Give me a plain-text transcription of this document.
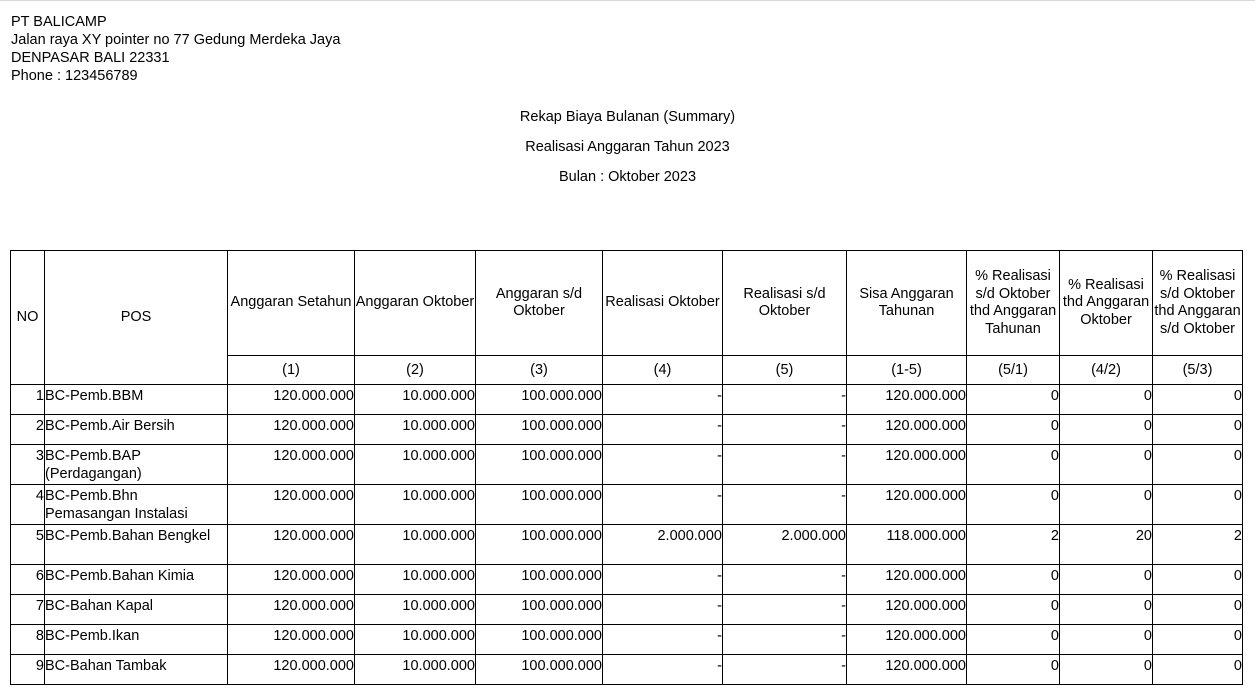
PT BALICAMP
Jalan raya XY pointer no 77 Gedung Merdeka Jaya
DENPASAR BALI 22331
Phone : 123456789
Rekap Biaya Bulanan (Summary)
Realisasi Anggaran Tahun 2023
Bulan : Oktober 2023
NO	POS	Anggaran Setahun	Anggaran Oktober	Anggaran s/d Oktober	Realisasi Oktober	Realisasi s/d Oktober	Sisa Anggaran Tahunan	% Realisasi s/d Oktober thd Anggaran Tahunan	% Realisasi thd Anggaran Oktober	% Realisasi s/d Oktober thd Anggaran s/d Oktober
		(1)	(2)	(3)	(4)	(5)	(1-5)	(5/1)	(4/2)	(5/3)
1	BC-Pemb.BBM	120.000.000	10.000.000	100.000.000	-	-	120.000.000	0	0	0
2	BC-Pemb.Air Bersih	120.000.000	10.000.000	100.000.000	-	-	120.000.000	0	0	0
3	BC-Pemb.BAP (Perdagangan)	120.000.000	10.000.000	100.000.000	-	-	120.000.000	0	0	0
4	BC-Pemb.Bhn Pemasangan Instalasi	120.000.000	10.000.000	100.000.000	-	-	120.000.000	0	0	0
5	BC-Pemb.Bahan Bengkel	120.000.000	10.000.000	100.000.000	2.000.000	2.000.000	118.000.000	2	20	2
6	BC-Pemb.Bahan Kimia	120.000.000	10.000.000	100.000.000	-	-	120.000.000	0	0	0
7	BC-Bahan Kapal	120.000.000	10.000.000	100.000.000	-	-	120.000.000	0	0	0
8	BC-Pemb.Ikan	120.000.000	10.000.000	100.000.000	-	-	120.000.000	0	0	0
9	BC-Bahan Tambak	120.000.000	10.000.000	100.000.000	-	-	120.000.000	0	0	0
